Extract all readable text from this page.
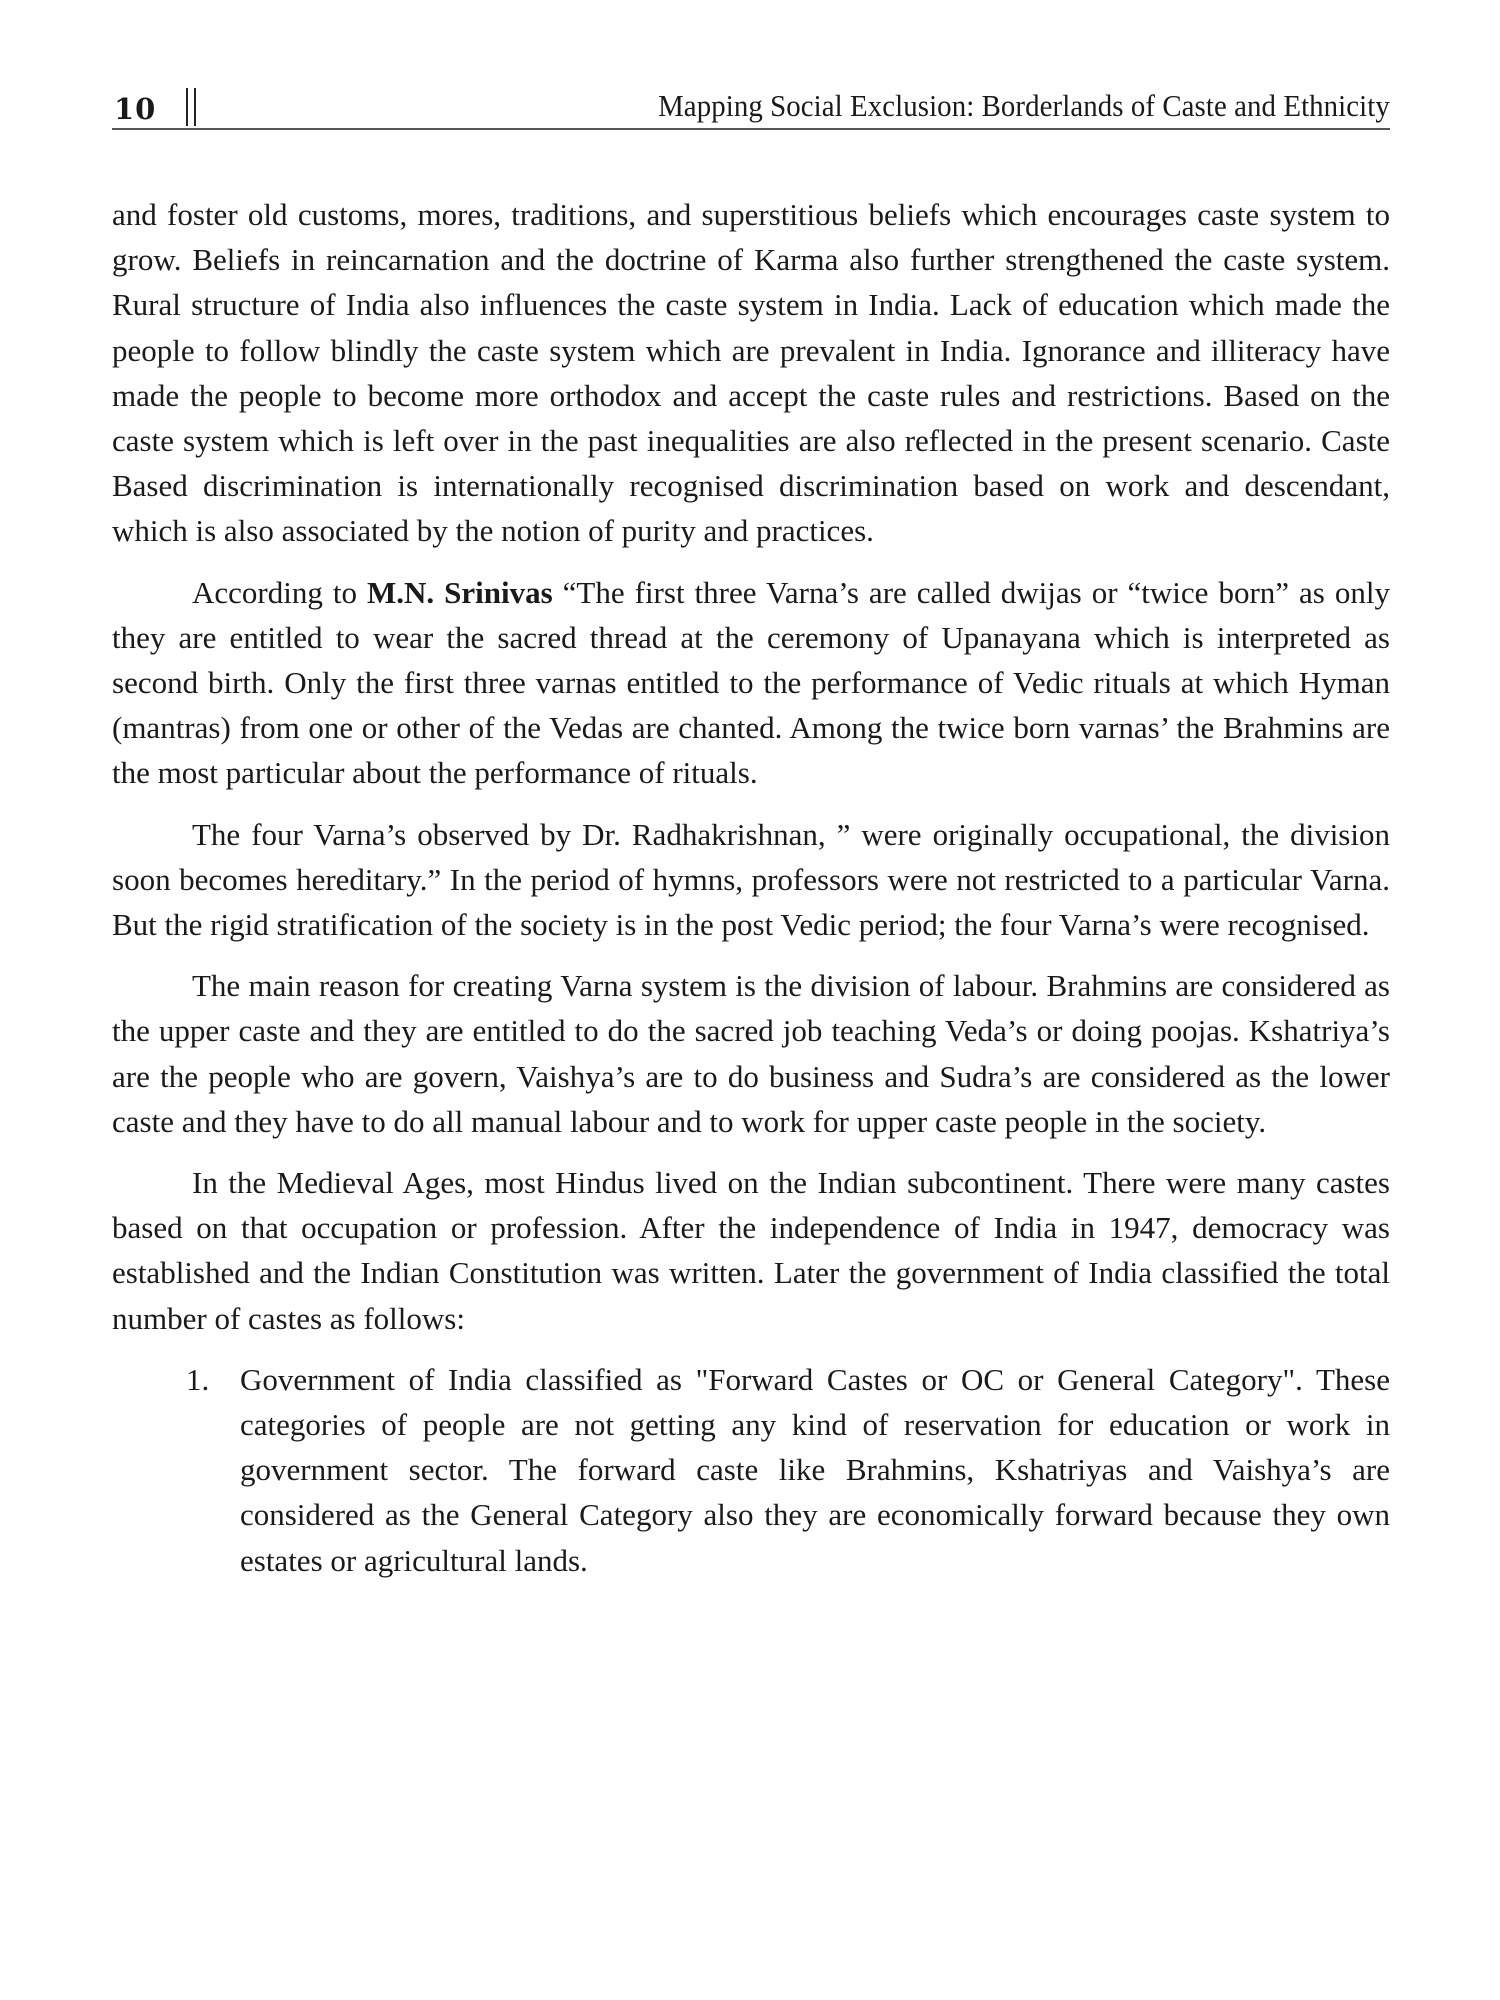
10	Mapping Social Exclusion: Borderlands of Caste and Ethnicity

and foster old customs, mores, traditions, and superstitious beliefs which encourages caste system to grow. Beliefs in reincarnation and the doctrine of Karma also further strengthened the caste system. Rural structure of India also influences the caste system in India. Lack of education which made the people to follow blindly the caste system which are prevalent in India. Ignorance and illiteracy have made the people to become more orthodox and accept the caste rules and restrictions. Based on the caste system which is left over in the past inequalities are also reflected in the present scenario. Caste Based discrimination is internationally recognised discrimination based on work and descendant, which is also associated by the notion of purity and practices.

According to M.N. Srinivas “The first three Varna’s are called dwijas or “twice born” as only they are entitled to wear the sacred thread at the ceremony of Upanayana which is interpreted as second birth. Only the first three varnas entitled to the performance of Vedic rituals at which Hyman (mantras) from one or other of the Vedas are chanted. Among the twice born varnas’ the Brahmins are the most particular about the performance of rituals.

The four Varna’s observed by Dr. Radhakrishnan, ” were originally occupational, the division soon becomes hereditary.” In the period of hymns, professors were not restricted to a particular Varna. But the rigid stratification of the society is in the post Vedic period; the four Varna’s were recognised.

The main reason for creating Varna system is the division of labour. Brahmins are considered as the upper caste and they are entitled to do the sacred job teaching Veda’s or doing poojas. Kshatriya’s are the people who are govern, Vaishya’s are to do business and Sudra’s are considered as the lower caste and they have to do all manual labour and to work for upper caste people in the society.

In the Medieval Ages, most Hindus lived on the Indian subcontinent. There were many castes based on that occupation or profession. After the independence of India in 1947, democracy was established and the Indian Constitution was written. Later the government of India classified the total number of castes as follows:

1. Government of India classified as "Forward Castes or OC or General Category". These categories of people are not getting any kind of reservation for education or work in government sector. The forward caste like Brahmins, Kshatriyas and Vaishya’s are considered as the General Category also they are economically forward because they own estates or agricultural lands.
